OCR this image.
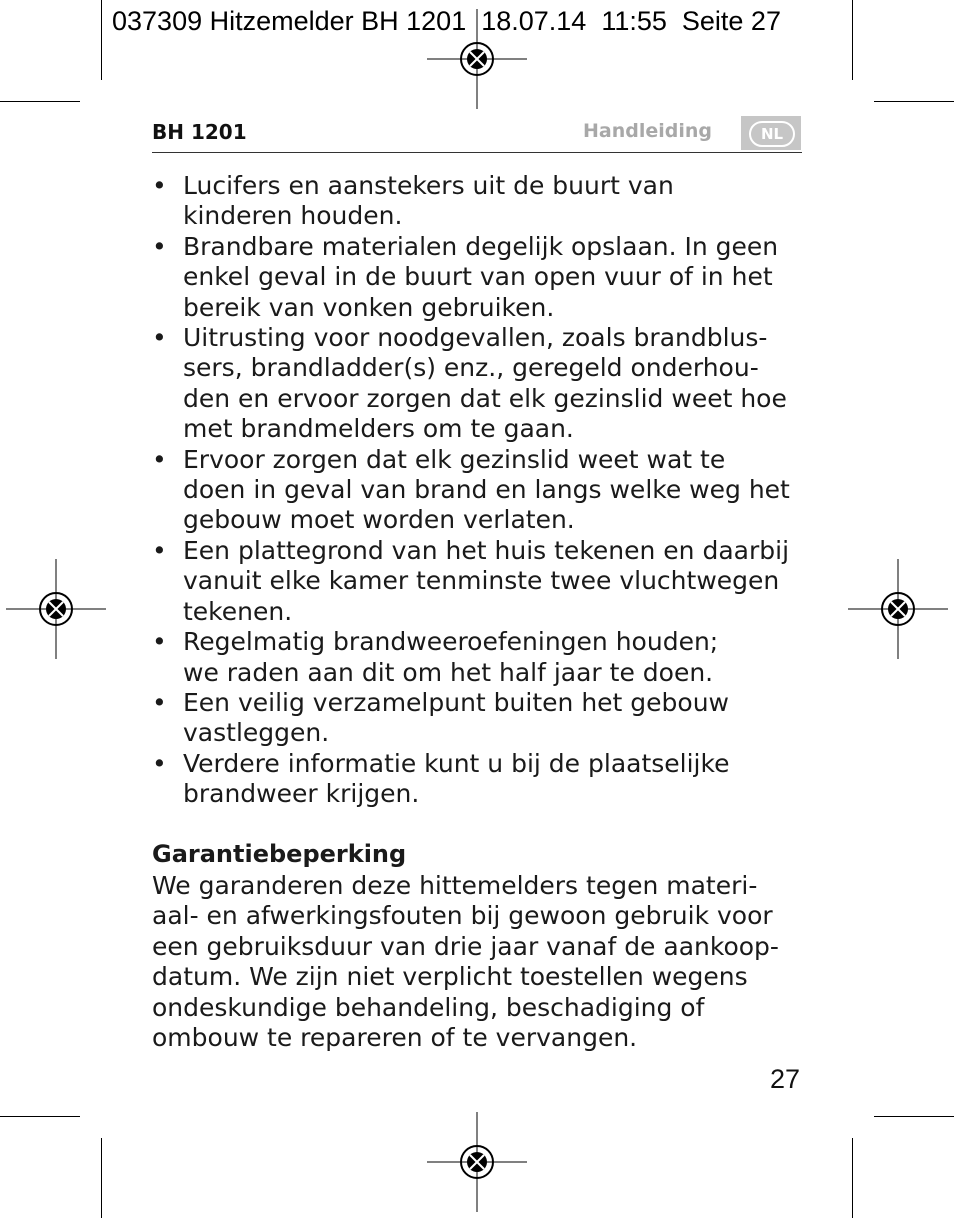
037309 Hitzemelder BH 1201  18.07.14  11:55  Seite 27
BH 1201	Handleiding	NL
• Lucifers en aanstekers uit de buurt van
kinderen houden.
• Brandbare materialen degelijk opslaan. In geen
enkel geval in de buurt van open vuur of in het
bereik van vonken gebruiken.
• Uitrusting voor noodgevallen, zoals brandblus-
sers, brandladder(s) enz., geregeld onderhou-
den en ervoor zorgen dat elk gezinslid weet hoe
met brandmelders om te gaan.
• Ervoor zorgen dat elk gezinslid weet wat te
doen in geval van brand en langs welke weg het
gebouw moet worden verlaten.
• Een plattegrond van het huis tekenen en daarbij
vanuit elke kamer tenminste twee vluchtwegen
tekenen.
• Regelmatig brandweeroefeningen houden;
we raden aan dit om het half jaar te doen.
• Een veilig verzamelpunt buiten het gebouw
vastleggen.
• Verdere informatie kunt u bij de plaatselijke
brandweer krijgen.
Garantiebeperking
We garanderen deze hittemelders tegen materi-
aal- en afwerkingsfouten bij gewoon gebruik voor
een gebruiksduur van drie jaar vanaf de aankoop-
datum. We zijn niet verplicht toestellen wegens
ondeskundige behandeling, beschadiging of
ombouw te repareren of te vervangen.
27
